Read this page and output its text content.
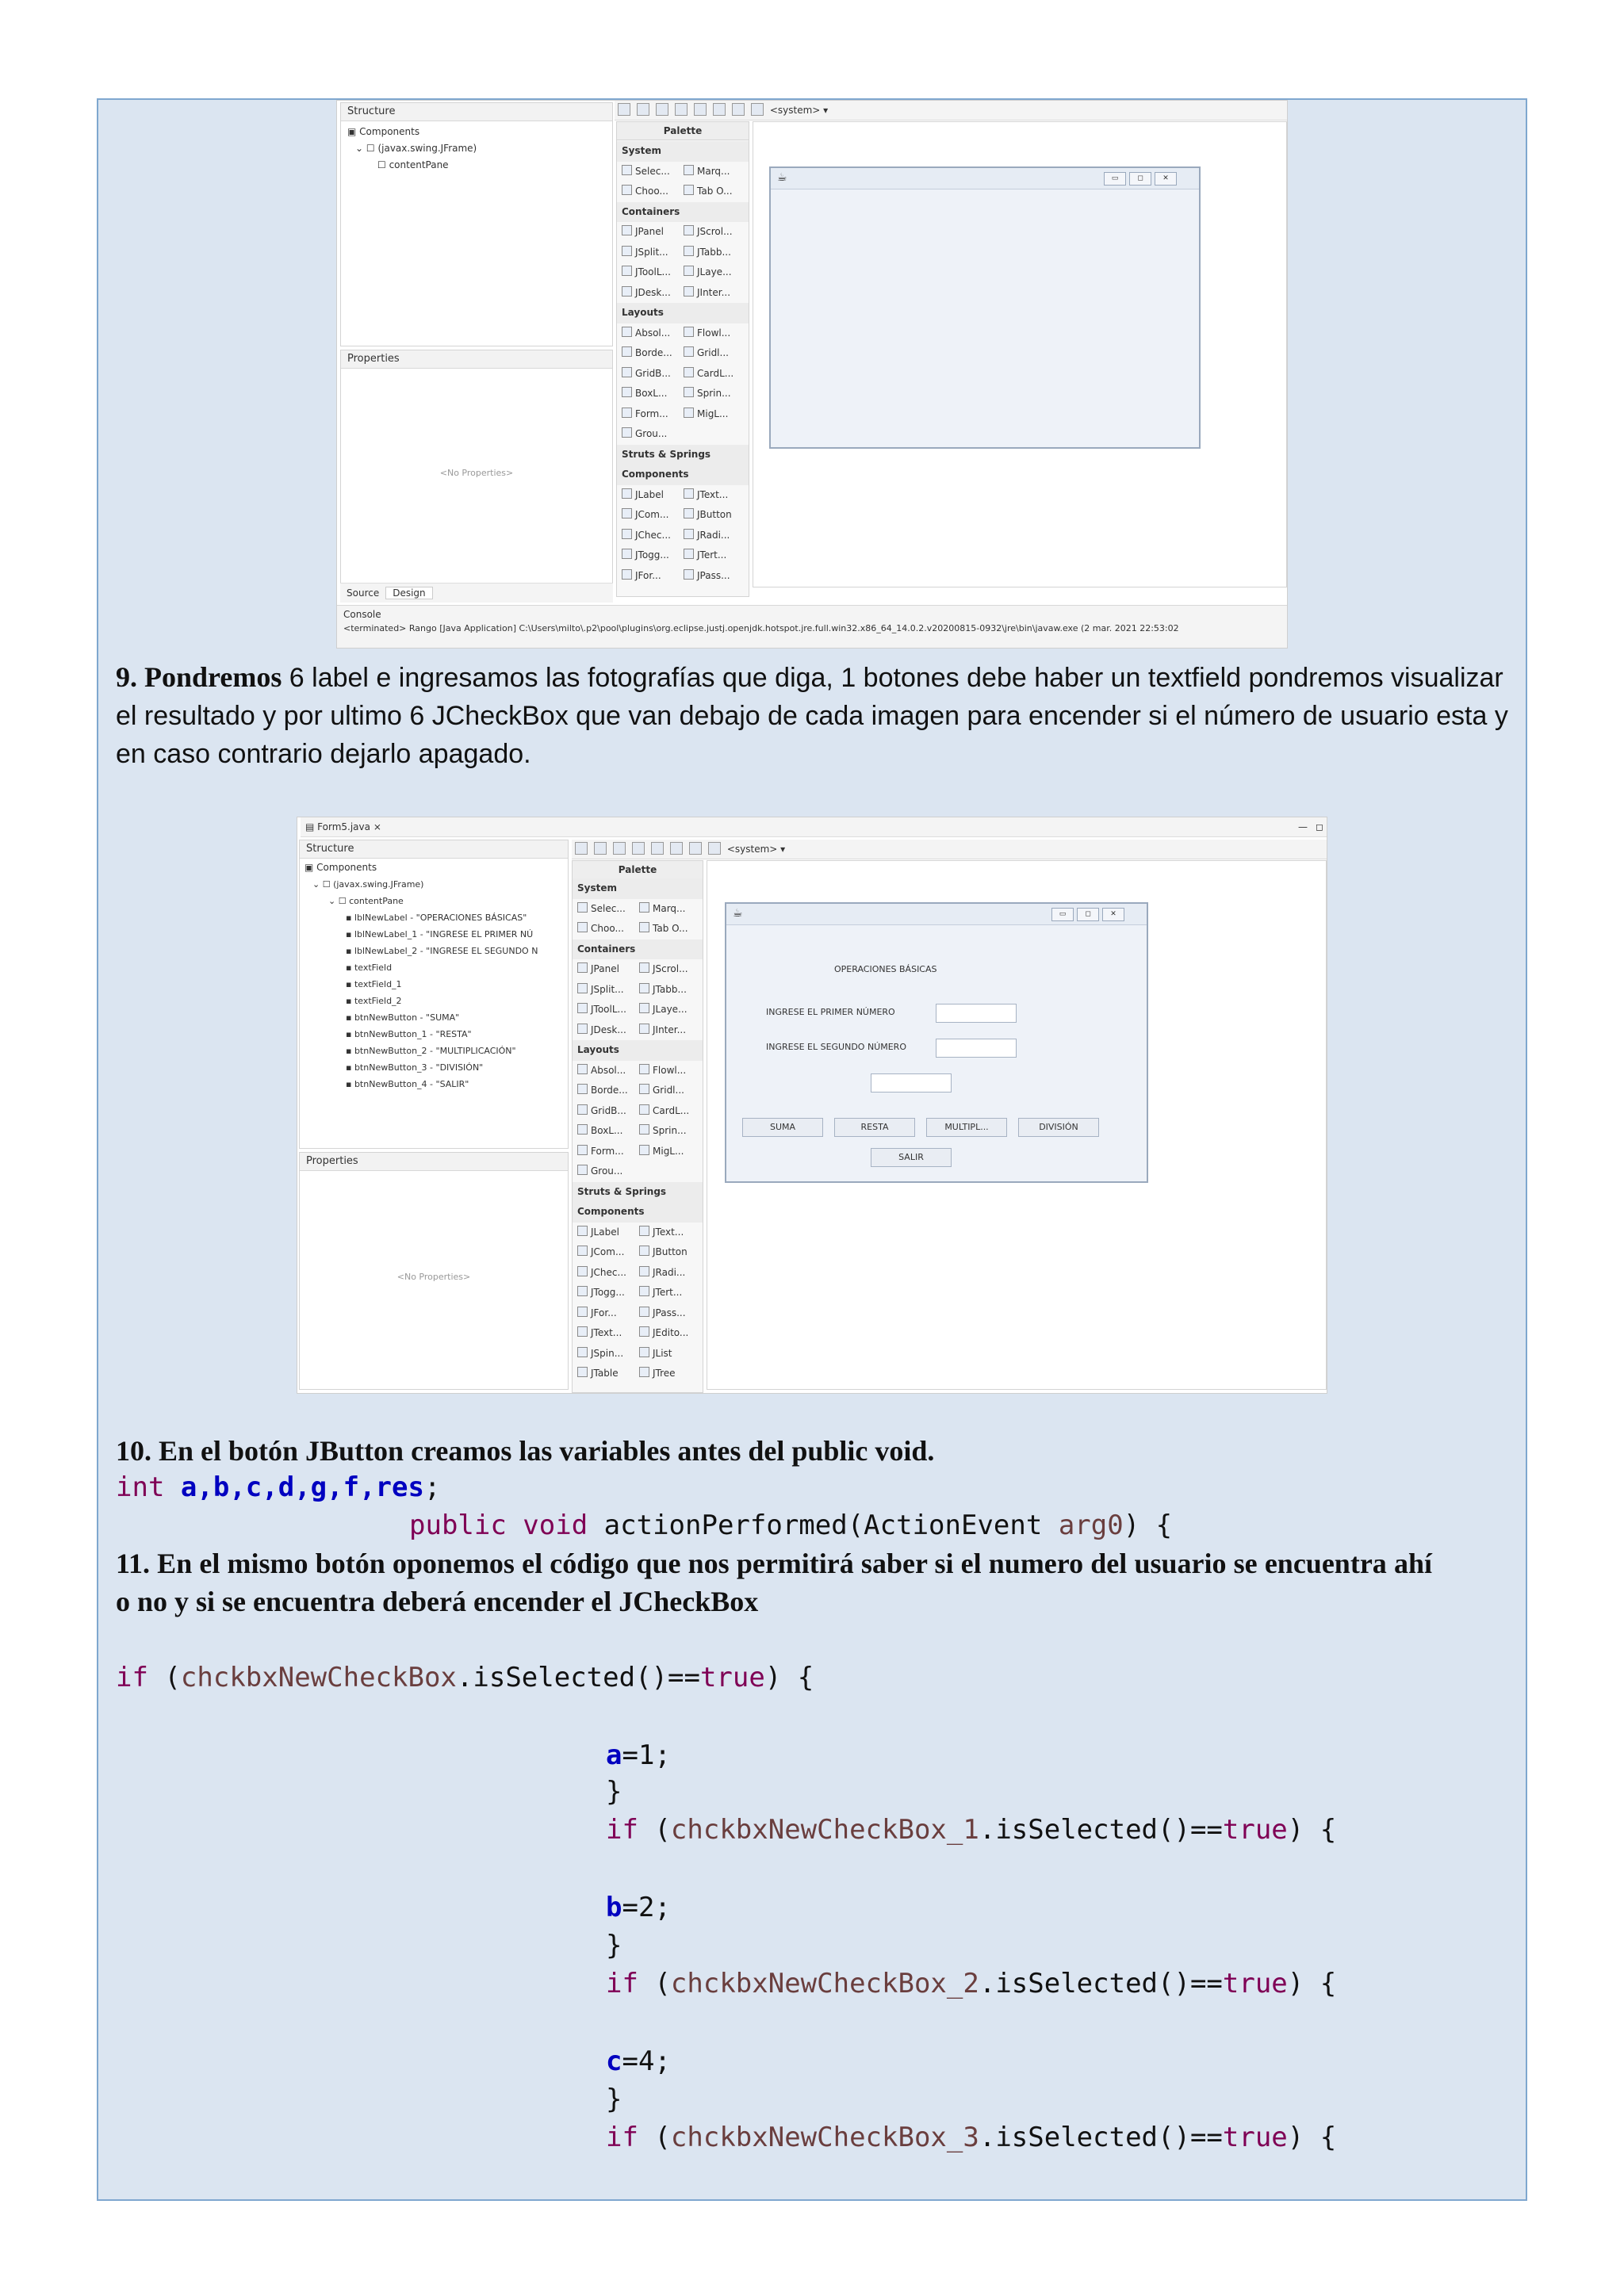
Structure
▣ Components
⌄ ☐ (javax.swing.JFrame)
☐ contentPane
Properties
<No Properties>
Palette
System
Selec...	Marq...
Choo...	Tab O...
Containers
JPanel	JScrol...
JSplit...	JTabb...
JToolL...	JLaye...
JDesk...	JInter...
Layouts
Absol...	Flowl...
Borde...	Gridl...
GridB...	CardL...
BoxL...	Sprin...
Form...	MigL...
Grou...
Struts & Springs
Components
JLabel	JText...
JCom...	JButton
JChec...	JRadi...
JTogg...	JTert...
JFor...	JPass...
<system> ▾
☕	▭	◻	✕
Source Design
Console
<terminated> Rango [Java Application] C:\Users\milto\.p2\pool\plugins\org.eclipse.justj.openjdk.hotspot.jre.full.win32.x86_64_14.0.2.v20200815-0932\jre\bin\javaw.exe (2 mar. 2021 22:53:02
9. Pondremos 6 label e ingresamos las fotografías que diga, 1 botones debe haber un textfield pondremos visualizar el resultado y por ultimo 6 JCheckBox que van debajo de cada imagen para encender si el número de usuario esta y en caso contrario dejarlo apagado.
▤ Form5.java ⨯	— ◻
Structure
▣ Components
⌄ ☐ (javax.swing.JFrame)
⌄ ☐ contentPane
▪ lblNewLabel - "OPERACIONES BÁSICAS"
▪ lblNewLabel_1 - "INGRESE EL PRIMER NÚ
▪ lblNewLabel_2 - "INGRESE EL SEGUNDO N
▪ textField
▪ textField_1
▪ textField_2
▪ btnNewButton - "SUMA"
▪ btnNewButton_1 - "RESTA"
▪ btnNewButton_2 - "MULTIPLICACIÓN"
▪ btnNewButton_3 - "DIVISIÓN"
▪ btnNewButton_4 - "SALIR"
Properties
<No Properties>
<system> ▾
Palette
System
Selec...	Marq...
Choo...	Tab O...
Containers
JPanel	JScrol...
JSplit...	JTabb...
JToolL...	JLaye...
JDesk...	JInter...
Layouts
Absol...	Flowl...
Borde...	Gridl...
GridB...	CardL...
BoxL...	Sprin...
Form...	MigL...
Grou...
Struts & Springs
Components
JLabel	JText...
JCom...	JButton
JChec...	JRadi...
JTogg...	JTert...
JFor...	JPass...
JText...	JEdito...
JSpin...	JList
JTable	JTree
☕	▭	◻	✕
OPERACIONES BÁSICAS
INGRESE EL PRIMER NÚMERO
INGRESE EL SEGUNDO NÚMERO
SUMA	RESTA	MULTIPL...	DIVISIÓN
SALIR
10. En el botón JButton creamos las variables antes del public void.
int a,b,c,d,g,f,res;
public void actionPerformed(ActionEvent arg0) {
11. En el mismo botón oponemos el código que nos permitirá saber si el numero del usuario se encuentra ahí o no y si se encuentra deberá encender el JCheckBox
if (chckbxNewCheckBox.isSelected()==true) {
a=1;
}
if (chckbxNewCheckBox_1.isSelected()==true) {
b=2;
}
if (chckbxNewCheckBox_2.isSelected()==true) {
c=4;
}
if (chckbxNewCheckBox_3.isSelected()==true) {
